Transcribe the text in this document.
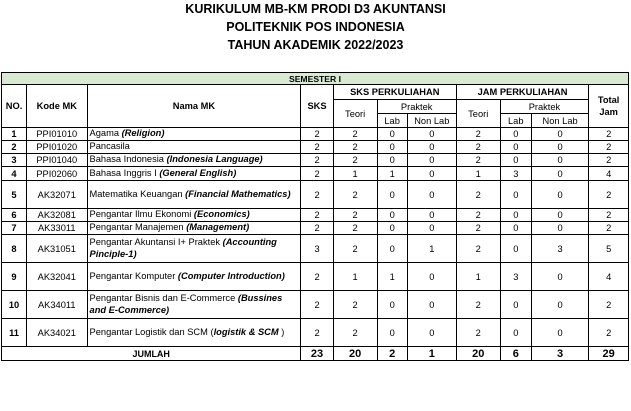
KURIKULUM MB-KM PRODI D3 AKUNTANSI
POLITEKNIK POS INDONESIA
TAHUN AKADEMIK 2022/2023
SEMESTER I										
NO.	Kode MK	Nama MK	SKS	SKS PERKULIAHAN			JAM PERKULIAHAN			Total Jam
				Teori	Praktek		Teori	Praktek		
					Lab	Non Lab		Lab	Non Lab	
1	PPI01010	Agama (Religion)	2	2	0	0	2	0	0	2
2	PPI01020	Pancasila	2	2	0	0	2	0	0	2
3	PPI01040	Bahasa Indonesia (Indonesia Language)	2	2	0	0	2	0	0	2
4	PPI02060	Bahasa Inggris I (General English)	2	1	1	0	1	3	0	4
5	AK32071	Matematika Keuangan (Financial Mathematics)	2	2	0	0	2	0	0	2
6	AK32081	Pengantar Ilmu Ekonomi (Economics)	2	2	0	0	2	0	0	2
7	AK33011	Pengantar Manajemen (Management)	2	2	0	0	2	0	0	2
8	AK31051	Pengantar Akuntansi I+ Praktek (Accounting Pinciple-1)	3	2	0	1	2	0	3	5
9	AK32041	Pengantar Komputer (Computer Introduction)	2	1	1	0	1	3	0	4
10	AK34011	Pengantar Bisnis dan E-Commerce (Bussines and E-Commerce)	2	2	0	0	2	0	0	2
11	AK34021	Pengantar Logistik dan SCM (logistik & SCM )	2	2	0	0	2	0	0	2
JUMLAH			23	20	2	1	20	6	3	29
